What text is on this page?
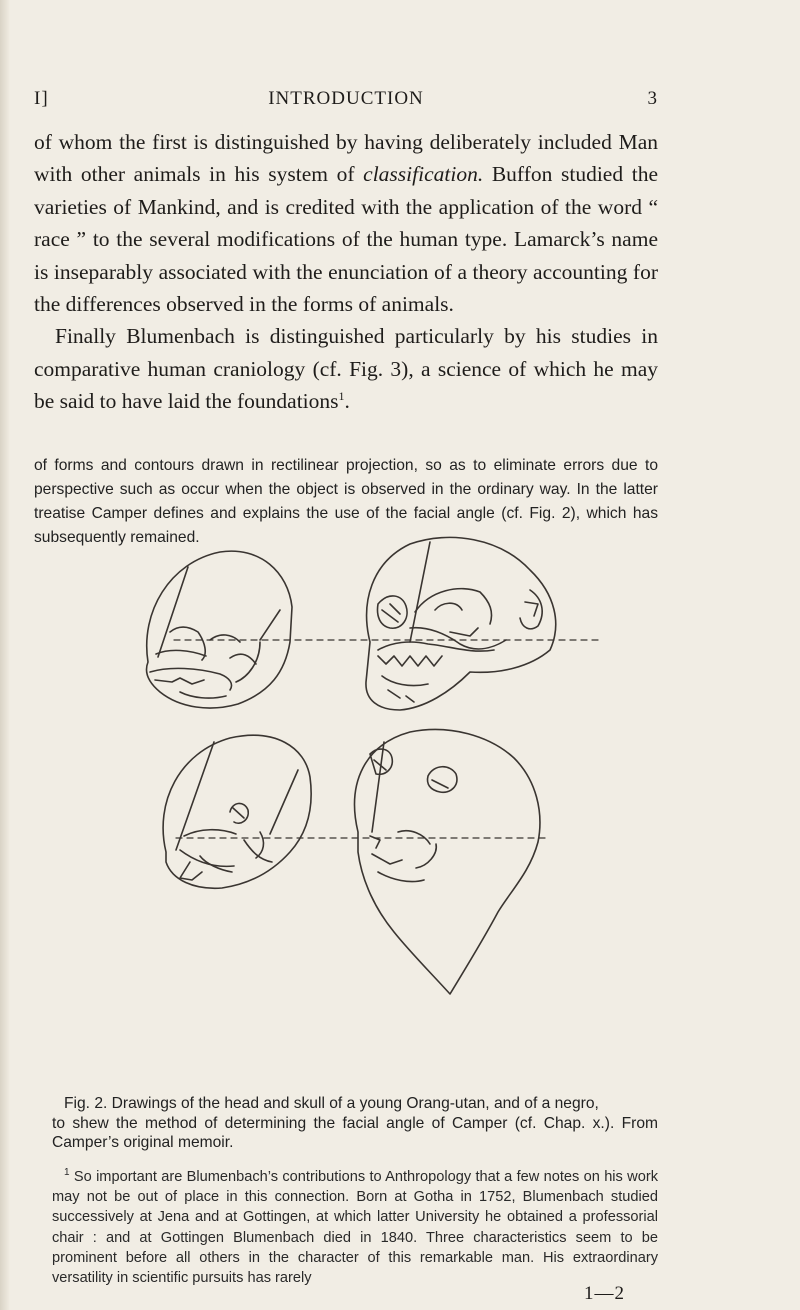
I]	INTRODUCTION	3

of whom the first is distinguished by having deliberately included Man with other animals in his system of classification. Buffon studied the varieties of Mankind, and is credited with the application of the word “ race ” to the several modifications of the human type. Lamarck’s name is inseparably associated with the enunciation of a theory accounting for the differences observed in the forms of animals.

Finally Blumenbach is distinguished particularly by his studies in comparative human craniology (cf. Fig. 3), a science of which he may be said to have laid the foundations$^1$.

of forms and contours drawn in rectilinear projection, so as to eliminate errors due to perspective such as occur when the object is observed in the ordinary way. In the latter treatise Camper defines and explains the use of the facial angle (cf. Fig. 2), which has subsequently remained.
Fig. 2. Drawings of the head and skull of a young Orang-utan, and of a negro,
to shew the method of determining the facial angle of Camper (cf. Chap. x.). From Camper’s original memoir.
$^1$ So important are Blumenbach’s contributions to Anthropology that a few notes on his work may not be out of place in this connection. Born at Gotha in 1752, Blumenbach studied successively at Jena and at Gottingen, at which latter University he obtained a professorial chair : and at Gottingen Blumenbach died in 1840. Three characteristics seem to be prominent before all others in the character of this remarkable man. His extraordinary versatility in scientific pursuits has rarely
1—2
